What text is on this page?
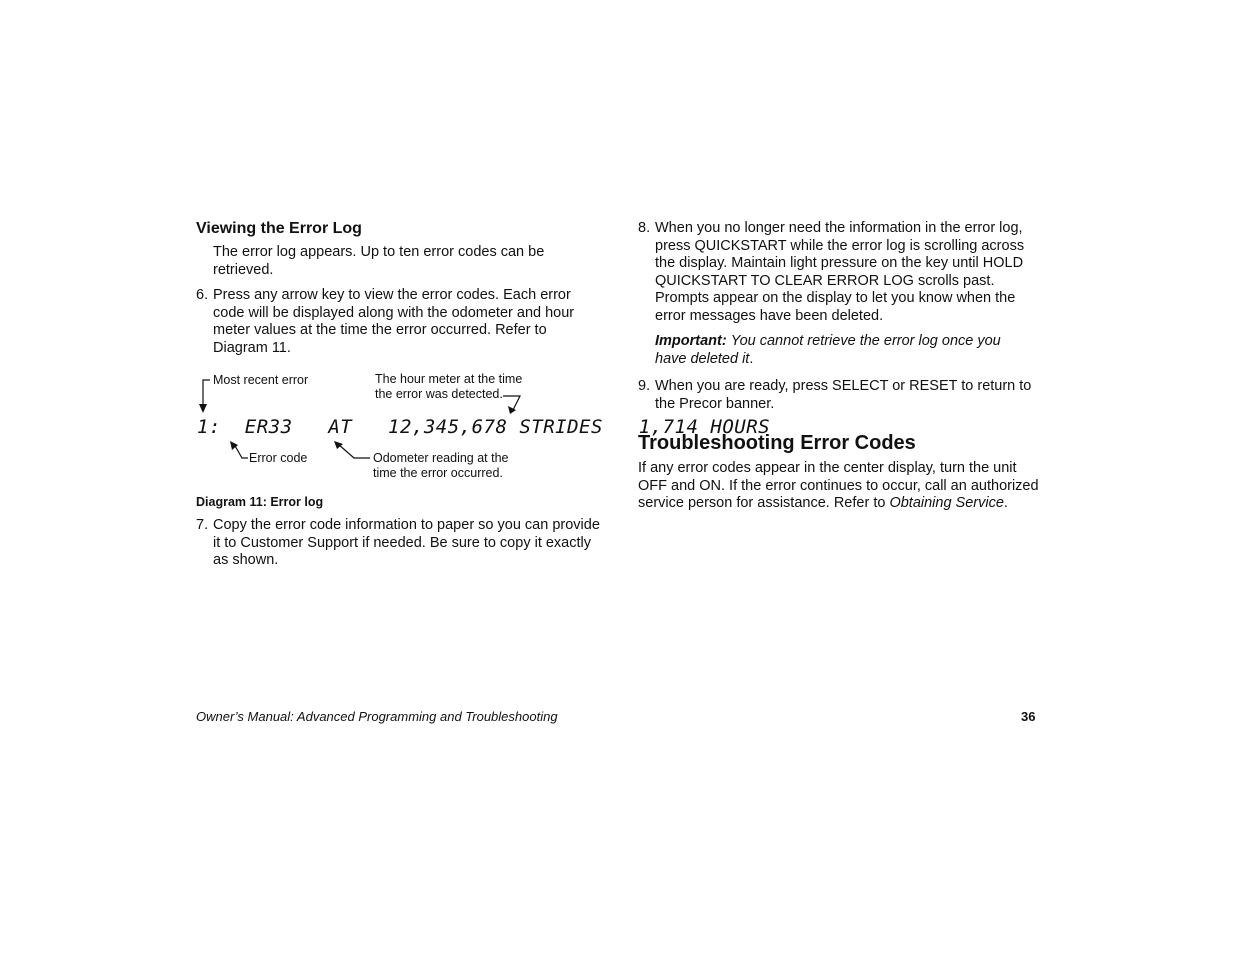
Viewing the Error Log
The error log appears. Up to ten error codes can be retrieved.
6. Press any arrow key to view the error codes. Each error code will be displayed along with the odometer and hour meter values at the time the error occurred. Refer to Diagram 11.
Most recent error	The hour meter at the time the error was detected.
1:  ER33   AT   12,345,678 STRIDES   1,714 HOURS
Error code	Odometer reading at the time the error occurred.
Diagram 11: Error log
7. Copy the error code information to paper so you can provide it to Customer Support if needed. Be sure to copy it exactly as shown.
8. When you no longer need the information in the error log, press QUICKSTART while the error log is scrolling across the display. Maintain light pressure on the key until HOLD QUICKSTART TO CLEAR ERROR LOG scrolls past. Prompts appear on the display to let you know when the error messages have been deleted.
Important: You cannot retrieve the error log once you have deleted it.
9. When you are ready, press SELECT or RESET to return to the Precor banner.
Troubleshooting Error Codes
If any error codes appear in the center display, turn the unit OFF and ON. If the error continues to occur, call an authorized service person for assistance. Refer to Obtaining Service.
Owner’s Manual: Advanced Programming and Troubleshooting	36
